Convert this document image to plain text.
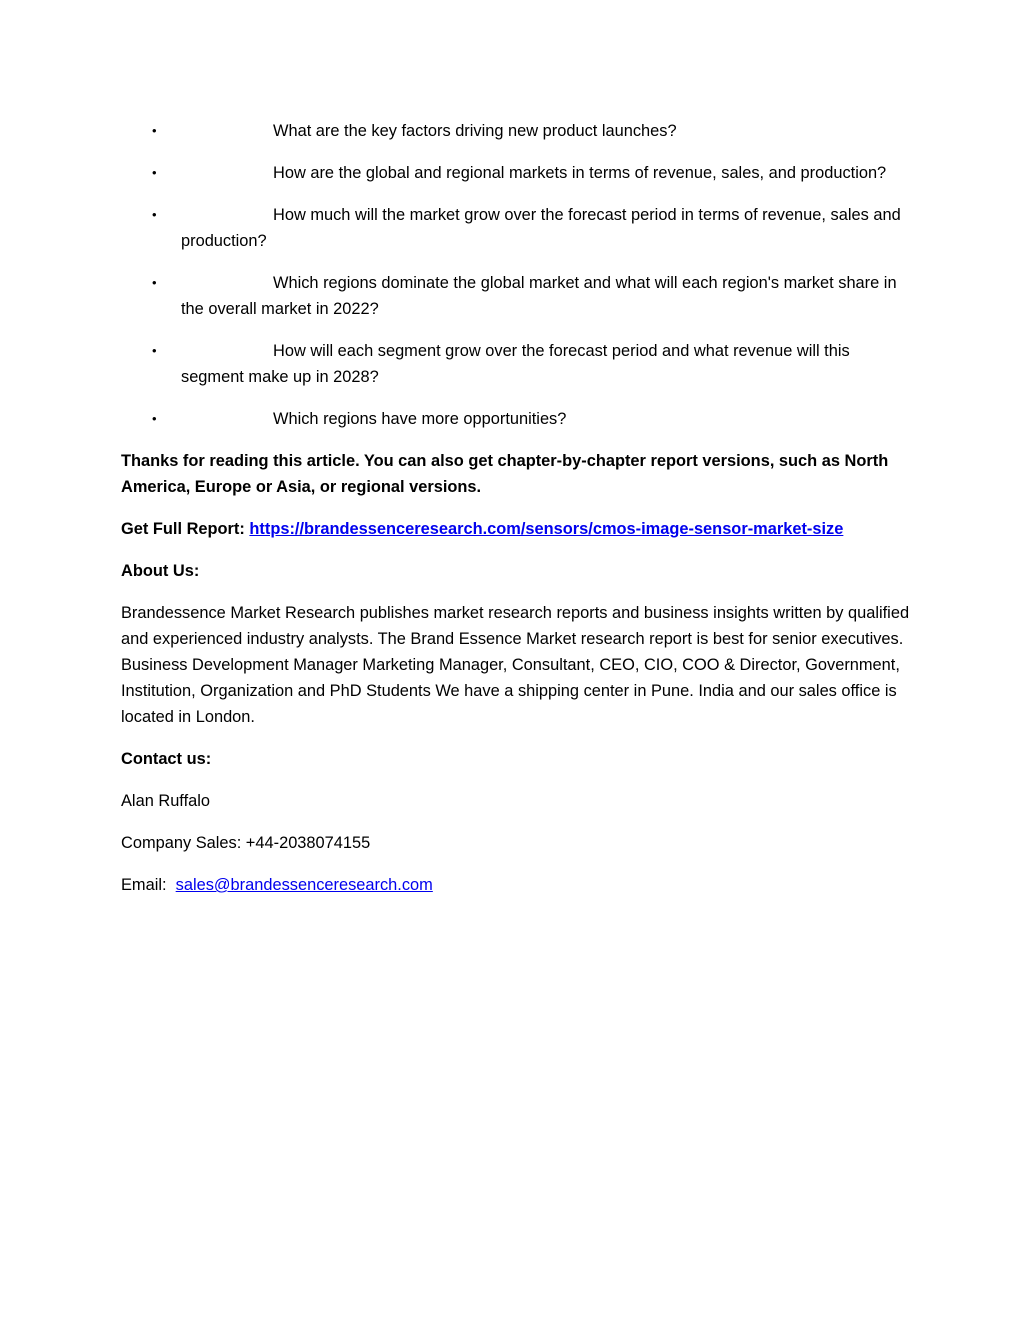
•	What are the key factors driving new product launches?
•	How are the global and regional markets in terms of revenue, sales, and production?
•	How much will the market grow over the forecast period in terms of revenue, sales and production?
•	Which regions dominate the global market and what will each region's market share in the overall market in 2022?
•	How will each segment grow over the forecast period and what revenue will this segment make up in 2028?
•	Which regions have more opportunities?

Thanks for reading this article. You can also get chapter-by-chapter report versions, such as North America, Europe or Asia, or regional versions.

Get Full Report: https://brandessenceresearch.com/sensors/cmos-image-sensor-market-size

About Us:

Brandessence Market Research publishes market research reports and business insights written by qualified and experienced industry analysts. The Brand Essence Market research report is best for senior executives. Business Development Manager Marketing Manager, Consultant, CEO, CIO, COO & Director, Government, Institution, Organization and PhD Students We have a shipping center in Pune. India and our sales office is located in London.

Contact us:

Alan Ruffalo

Company Sales: +44-2038074155

Email: sales@brandessenceresearch.com
